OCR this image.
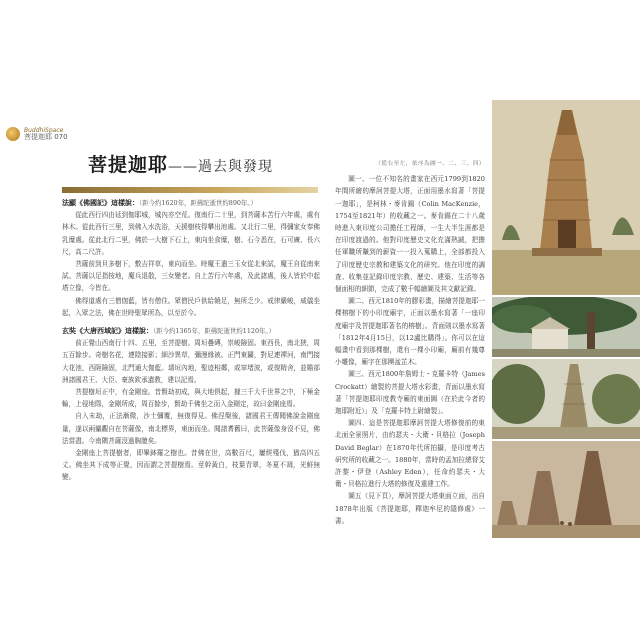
BuddhiSpace
菩提迦耶 070
菩提迦耶——過去與發現
法顯《佛國記》這樣說：（距今約1620年，距佛陀逝世約890年。）

從此西行四由延到伽耶城，城內亦空荒。復南行二十里，到菩薩本苦行六年處，處有林木。從此西行三里，到佛入水洗浴，天援樹枝得攀出池處。又北行二里，得彌家女奉佛乳糜處。從此北行二里，佛於一大樹下石上，東向坐食糜，樹、石今悉在，石可廣、長六尺，高二尺許。

菩薩前到貝多樹下，敷吉祥草，東向而坐。時魔王遣三玉女從北來試，魔王自從南來試。菩薩以足指按地，魔兵退散，三女變老。自上苦行六年處，及此諸處，後人皆於中起塔立像，今皆在。

佛得道處有三僧伽藍，皆有僧住。眾僧民戶供給饒足，無所乏少。戒律嚴峻，威儀坐起，入眾之法，佛在世時聖眾所為，以至於今。

玄奘《大唐西域記》這樣說：（距今約1365年，距佛陀逝世約1120年。）

前正覺山西南行十四、五里，至菩提樹。周垣疊磚，崇峻險固。東西長，南北狹，周五百餘步。奇樹名花，連陰接影；細沙異草，彌漫緣被。正門東闢，對尼連禪河，南門接大花池，西阨險固，北門通大伽藍。壖垣內地，聖迹相鄰，或窣堵波，或復精舍，並贍部洲諸國君王、大臣、豪族欽承遺教，建以記焉。

菩提樹垣正中，有金剛座。昔賢劫初成，與大地俱起，據三千大千世界之中，下極金輪，上侵地際，金剛所成，周百餘步，賢劫千佛坐之而入金剛定，故曰金剛座焉。

自入末劫，正法漸微，沙土彌覆，無復得見。佛涅槃後，諸國君王傳聞佛說金剛座量，遂以兩軀觀自在菩薩像，南北標界，東面而坐。聞諸耆舊曰，此菩薩像身沒不見，佛法當盡。今南隅菩薩沒過胸臆矣。

金剛座上菩提樹者，即畢鉢羅之樹也。昔佛在世，高數百尺，屢經殘伐，猶高四五丈。佛坐其下成等正覺，因而謂之菩提樹焉。莖幹黃白，枝葉青翠，冬夏不凋，光鮮無變。

（從右至左，依序為圖一、二、三、四）

圖一、一位不知名的畫家在西元1799到1820年間所繪的摩訶菩提大塔，正面用墨水寫著「菩提一迦耶」，是柯林・麥肯錫（Colin MacKenzie，1754至1821年）的收藏之一。麥肯錫在二十八歲時進入東印度公司擔任工程師，一生大半生涯都是在印度渡過的。他對印度歷史文化充滿熱誠，把擔任軍職所賺到的薪資一一投入蒐購上，全部都投入了印度歷史宗教和建築文化的研究。他在印度的調查、收集並記錄印度宗教、歷史、建築、生活等各個面相的細節，完成了數千幅繪圖及其文獻記錄。

圖二、西元1810年的膠彩畫，描繪菩提迦耶一棵榕樹下的小印度廟宇，正面以墨水寫著「一座印度廟宇及菩提迦耶著名的榕樹」。背面則以墨水寫著「1812年4月15日，以12盧比購得」。你可以在這幅畫中看到那棵樹，還有一棵小印廟，廟前有幾尊小雕像，廟宇在那團盆芷木。

圖三、西元1800年詹姆士・克羅卡特（James Crockatt）繪製的菩提大塔水彩畫，背面以墨水寫著「菩提迦耶印度教寺廟的東面圖（在於此今者的迦耶附近）」及「克羅卡特上尉繪製」。

圖四、這是菩提迦耶摩訶菩提大塔修復前的東北面全景照片，由約瑟夫・大衛・貝格拉（Joseph David Beglar）在1870年代所拍攝，是印度考古研究所的收藏之一。1880年，當時的孟加拉總督艾許黎・伊登（Ashley Eden），任命約瑟夫・大衛・貝格拉進行大塔的修復及重建工作。

圖五（見下頁），摩訶菩提大塔東面立面，出自1878年出版《菩提迦耶，釋迦牟尼的隱修處》一書。
